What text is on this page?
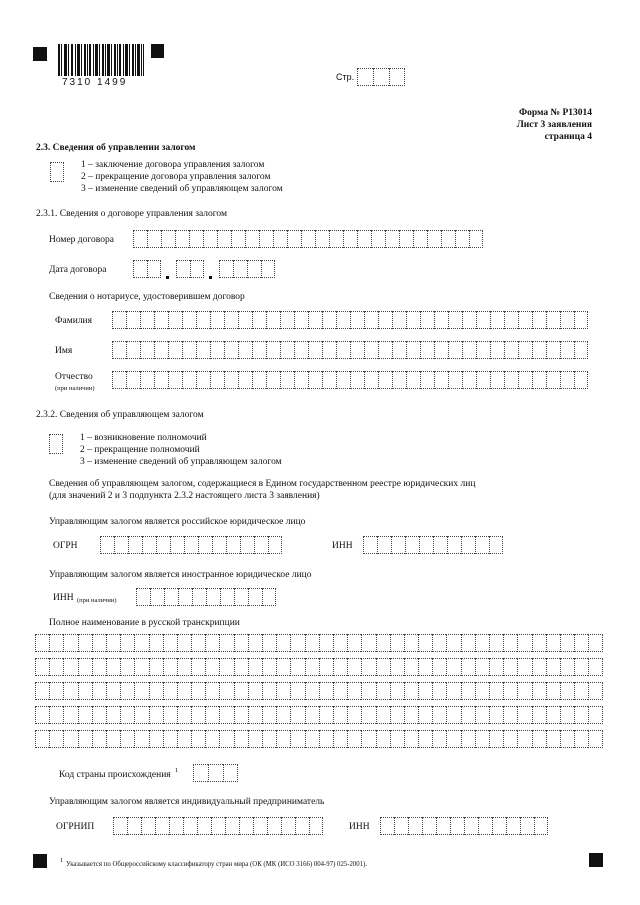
7310 1499	Стр.
Форма № Р13014
Лист 3 заявления
страница 4
2.3. Сведения об управлении залогом
1 – заключение договора управления залогом
2 – прекращение договора управления залогом
3 – изменение сведений об управляющем залогом
2.3.1. Сведения о договоре управления залогом
Номер договора
Дата договора
Сведения о нотариусе, удостоверившем договор
Фамилия
Имя
Отчество
(при наличии)
2.3.2. Сведения об управляющем залогом
1 – возникновение полномочий
2 – прекращение полномочий
3 – изменение сведений об управляющем залогом
Сведения об управляющем залогом, содержащиеся в Едином государственном реестре юридических лиц
(для значений 2 и 3 подпункта 2.3.2 настоящего листа 3 заявления)
Управляющим залогом является российское юридическое лицо
ОГРН	ИНН
Управляющим залогом является иностранное юридическое лицо
ИНН (при наличии)
Полное наименование в русской транскрипции
Код страны происхождения 1
Управляющим залогом является индивидуальный предприниматель
ОГРНИП	ИНН
1
Указывается по Общероссийскому классификатору стран мира (ОК (МК (ИСО 3166) 004-97) 025-2001).
